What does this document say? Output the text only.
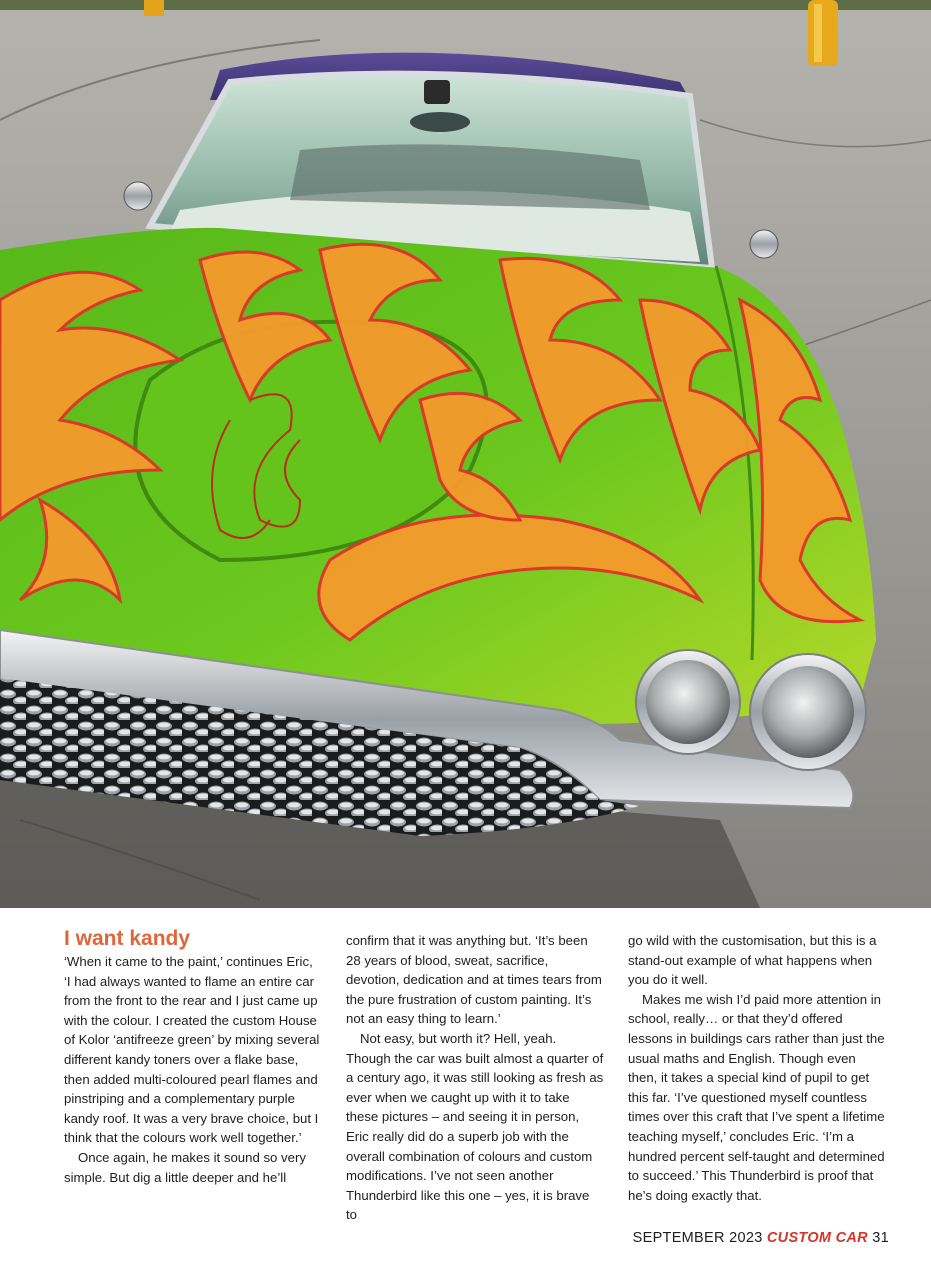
I want kandy

‘When it came to the paint,’ continues Eric, ‘I had always wanted to flame an entire car from the front to the rear and I just came up with the colour. I created the custom House of Kolor ‘antifreeze green’ by mixing several different kandy toners over a flake base, then added multi-coloured pearl flames and pinstriping and a complementary purple kandy roof. It was a very brave choice, but I think that the colours work well together.’

Once again, he makes it sound so very simple. But dig a little deeper and he’ll

confirm that it was anything but. ‘It’s been 28 years of blood, sweat, sacrifice, devotion, dedication and at times tears from the pure frustration of custom painting. It’s not an easy thing to learn.’

Not easy, but worth it? Hell, yeah. Though the car was built almost a quarter of a century ago, it was still looking as fresh as ever when we caught up with it to take these pictures – and seeing it in person, Eric really did do a superb job with the overall combination of colours and custom modifications. I’ve not seen another Thunderbird like this one – yes, it is brave to

go wild with the customisation, but this is a stand-out example of what happens when you do it well.

Makes me wish I’d paid more attention in school, really… or that they’d offered lessons in buildings cars rather than just the usual maths and English. Though even then, it takes a special kind of pupil to get this far. ‘I’ve questioned myself countless times over this craft that I’ve spent a lifetime teaching myself,’ concludes Eric. ‘I’m a hundred percent self-taught and determined to succeed.’ This Thunderbird is proof that he’s doing exactly that.

SEPTEMBER 2023 CUSTOM CAR 31
